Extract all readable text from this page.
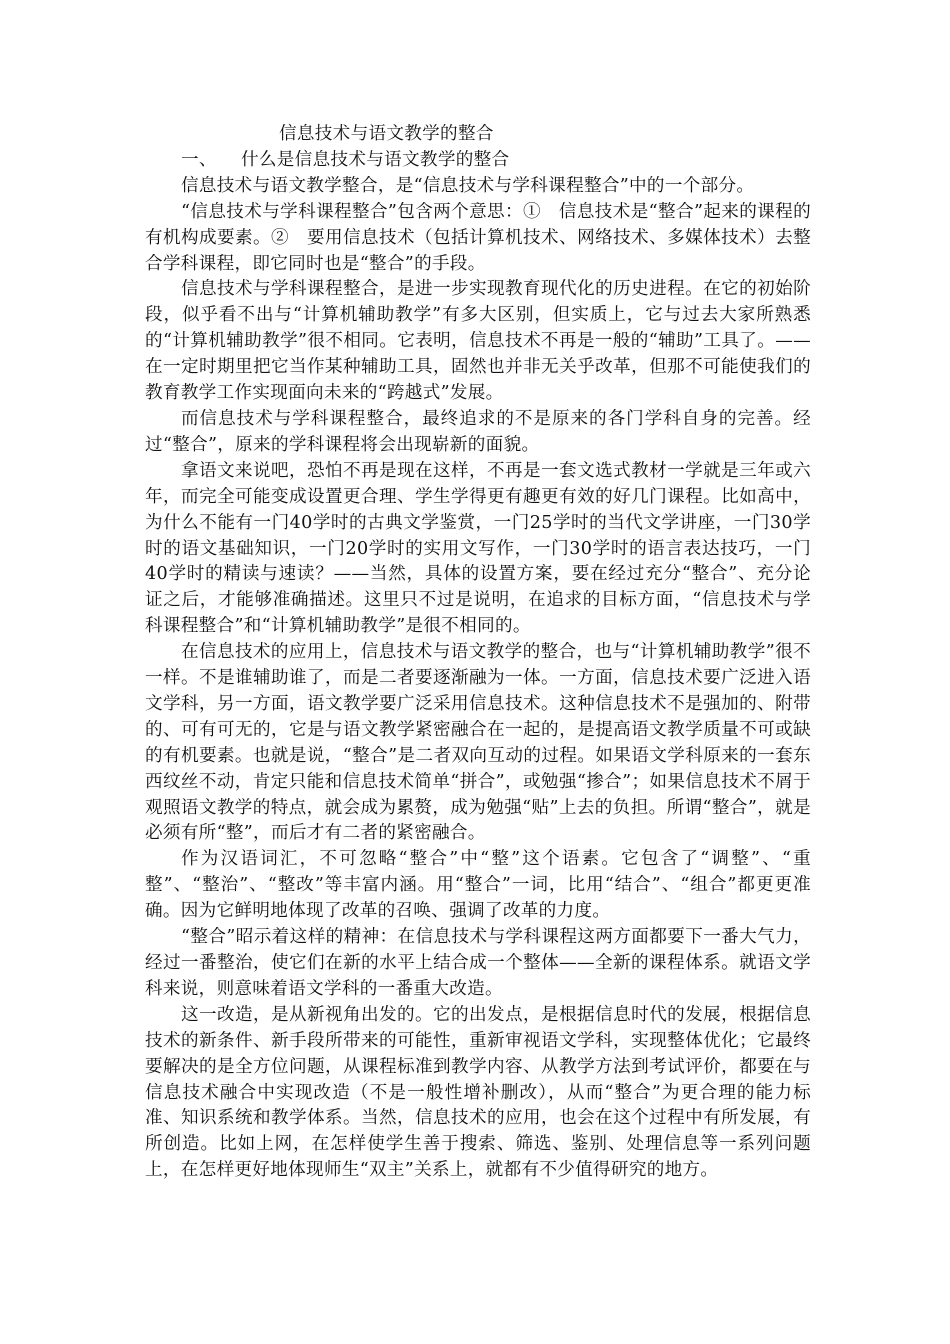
信息技术与语文教学的整合
一、 什么是信息技术与语文教学的整合

信息技术与语文教学整合，是“信息技术与学科课程整合”中的一个部分。

“信息技术与学科课程整合”包含两个意思：①　信息技术是“整合”起来的课程的有机构成要素。②　要用信息技术（包括计算机技术、网络技术、多媒体技术）去整合学科课程，即它同时也是“整合”的手段。

信息技术与学科课程整合，是进一步实现教育现代化的历史进程。在它的初始阶段，似乎看不出与“计算机辅助教学”有多大区别，但实质上，它与过去大家所熟悉的“计算机辅助教学”很不相同。它表明，信息技术不再是一般的“辅助”工具了。——在一定时期里把它当作某种辅助工具，固然也并非无关乎改革，但那不可能使我们的教育教学工作实现面向未来的“跨越式”发展。

而信息技术与学科课程整合，最终追求的不是原来的各门学科自身的完善。经过“整合”，原来的学科课程将会出现崭新的面貌。

拿语文来说吧，恐怕不再是现在这样，不再是一套文选式教材一学就是三年或六年，而完全可能变成设置更合理、学生学得更有趣更有效的好几门课程。比如高中，为什么不能有一门40学时的古典文学鉴赏，一门25学时的当代文学讲座，一门30学时的语文基础知识，一门20学时的实用文写作，一门30学时的语言表达技巧，一门40学时的精读与速读？——当然，具体的设置方案，要在经过充分“整合”、充分论证之后，才能够准确描述。这里只不过是说明，在追求的目标方面，“信息技术与学科课程整合”和“计算机辅助教学”是很不相同的。

在信息技术的应用上，信息技术与语文教学的整合，也与“计算机辅助教学”很不一样。不是谁辅助谁了，而是二者要逐渐融为一体。一方面，信息技术要广泛进入语文学科，另一方面，语文教学要广泛采用信息技术。这种信息技术不是强加的、附带的、可有可无的，它是与语文教学紧密融合在一起的，是提高语文教学质量不可或缺的有机要素。也就是说，“整合”是二者双向互动的过程。如果语文学科原来的一套东西纹丝不动，肯定只能和信息技术简单“拼合”，或勉强“掺合”；如果信息技术不屑于观照语文教学的特点，就会成为累赘，成为勉强“贴”上去的负担。所谓“整合”，就是必须有所“整”，而后才有二者的紧密融合。

作为汉语词汇，不可忽略“整合”中“整”这个语素。它包含了“调整”、“重整”、“整治”、“整改”等丰富内涵。用“整合”一词，比用“结合”、“组合”都更更准确。因为它鲜明地体现了改革的召唤、强调了改革的力度。

“整合”昭示着这样的精神：在信息技术与学科课程这两方面都要下一番大气力，经过一番整治，使它们在新的水平上结合成一个整体——全新的课程体系。就语文学科来说，则意味着语文学科的一番重大改造。

这一改造，是从新视角出发的。它的出发点，是根据信息时代的发展，根据信息技术的新条件、新手段所带来的可能性，重新审视语文学科，实现整体优化；它最终要解决的是全方位问题，从课程标准到教学内容、从教学方法到考试评价，都要在与信息技术融合中实现改造（不是一般性增补删改），从而“整合”为更合理的能力标准、知识系统和教学体系。当然，信息技术的应用，也会在这个过程中有所发展，有所创造。比如上网，在怎样使学生善于搜索、筛选、鉴别、处理信息等一系列问题上，在怎样更好地体现师生“双主”关系上，就都有不少值得研究的地方。
